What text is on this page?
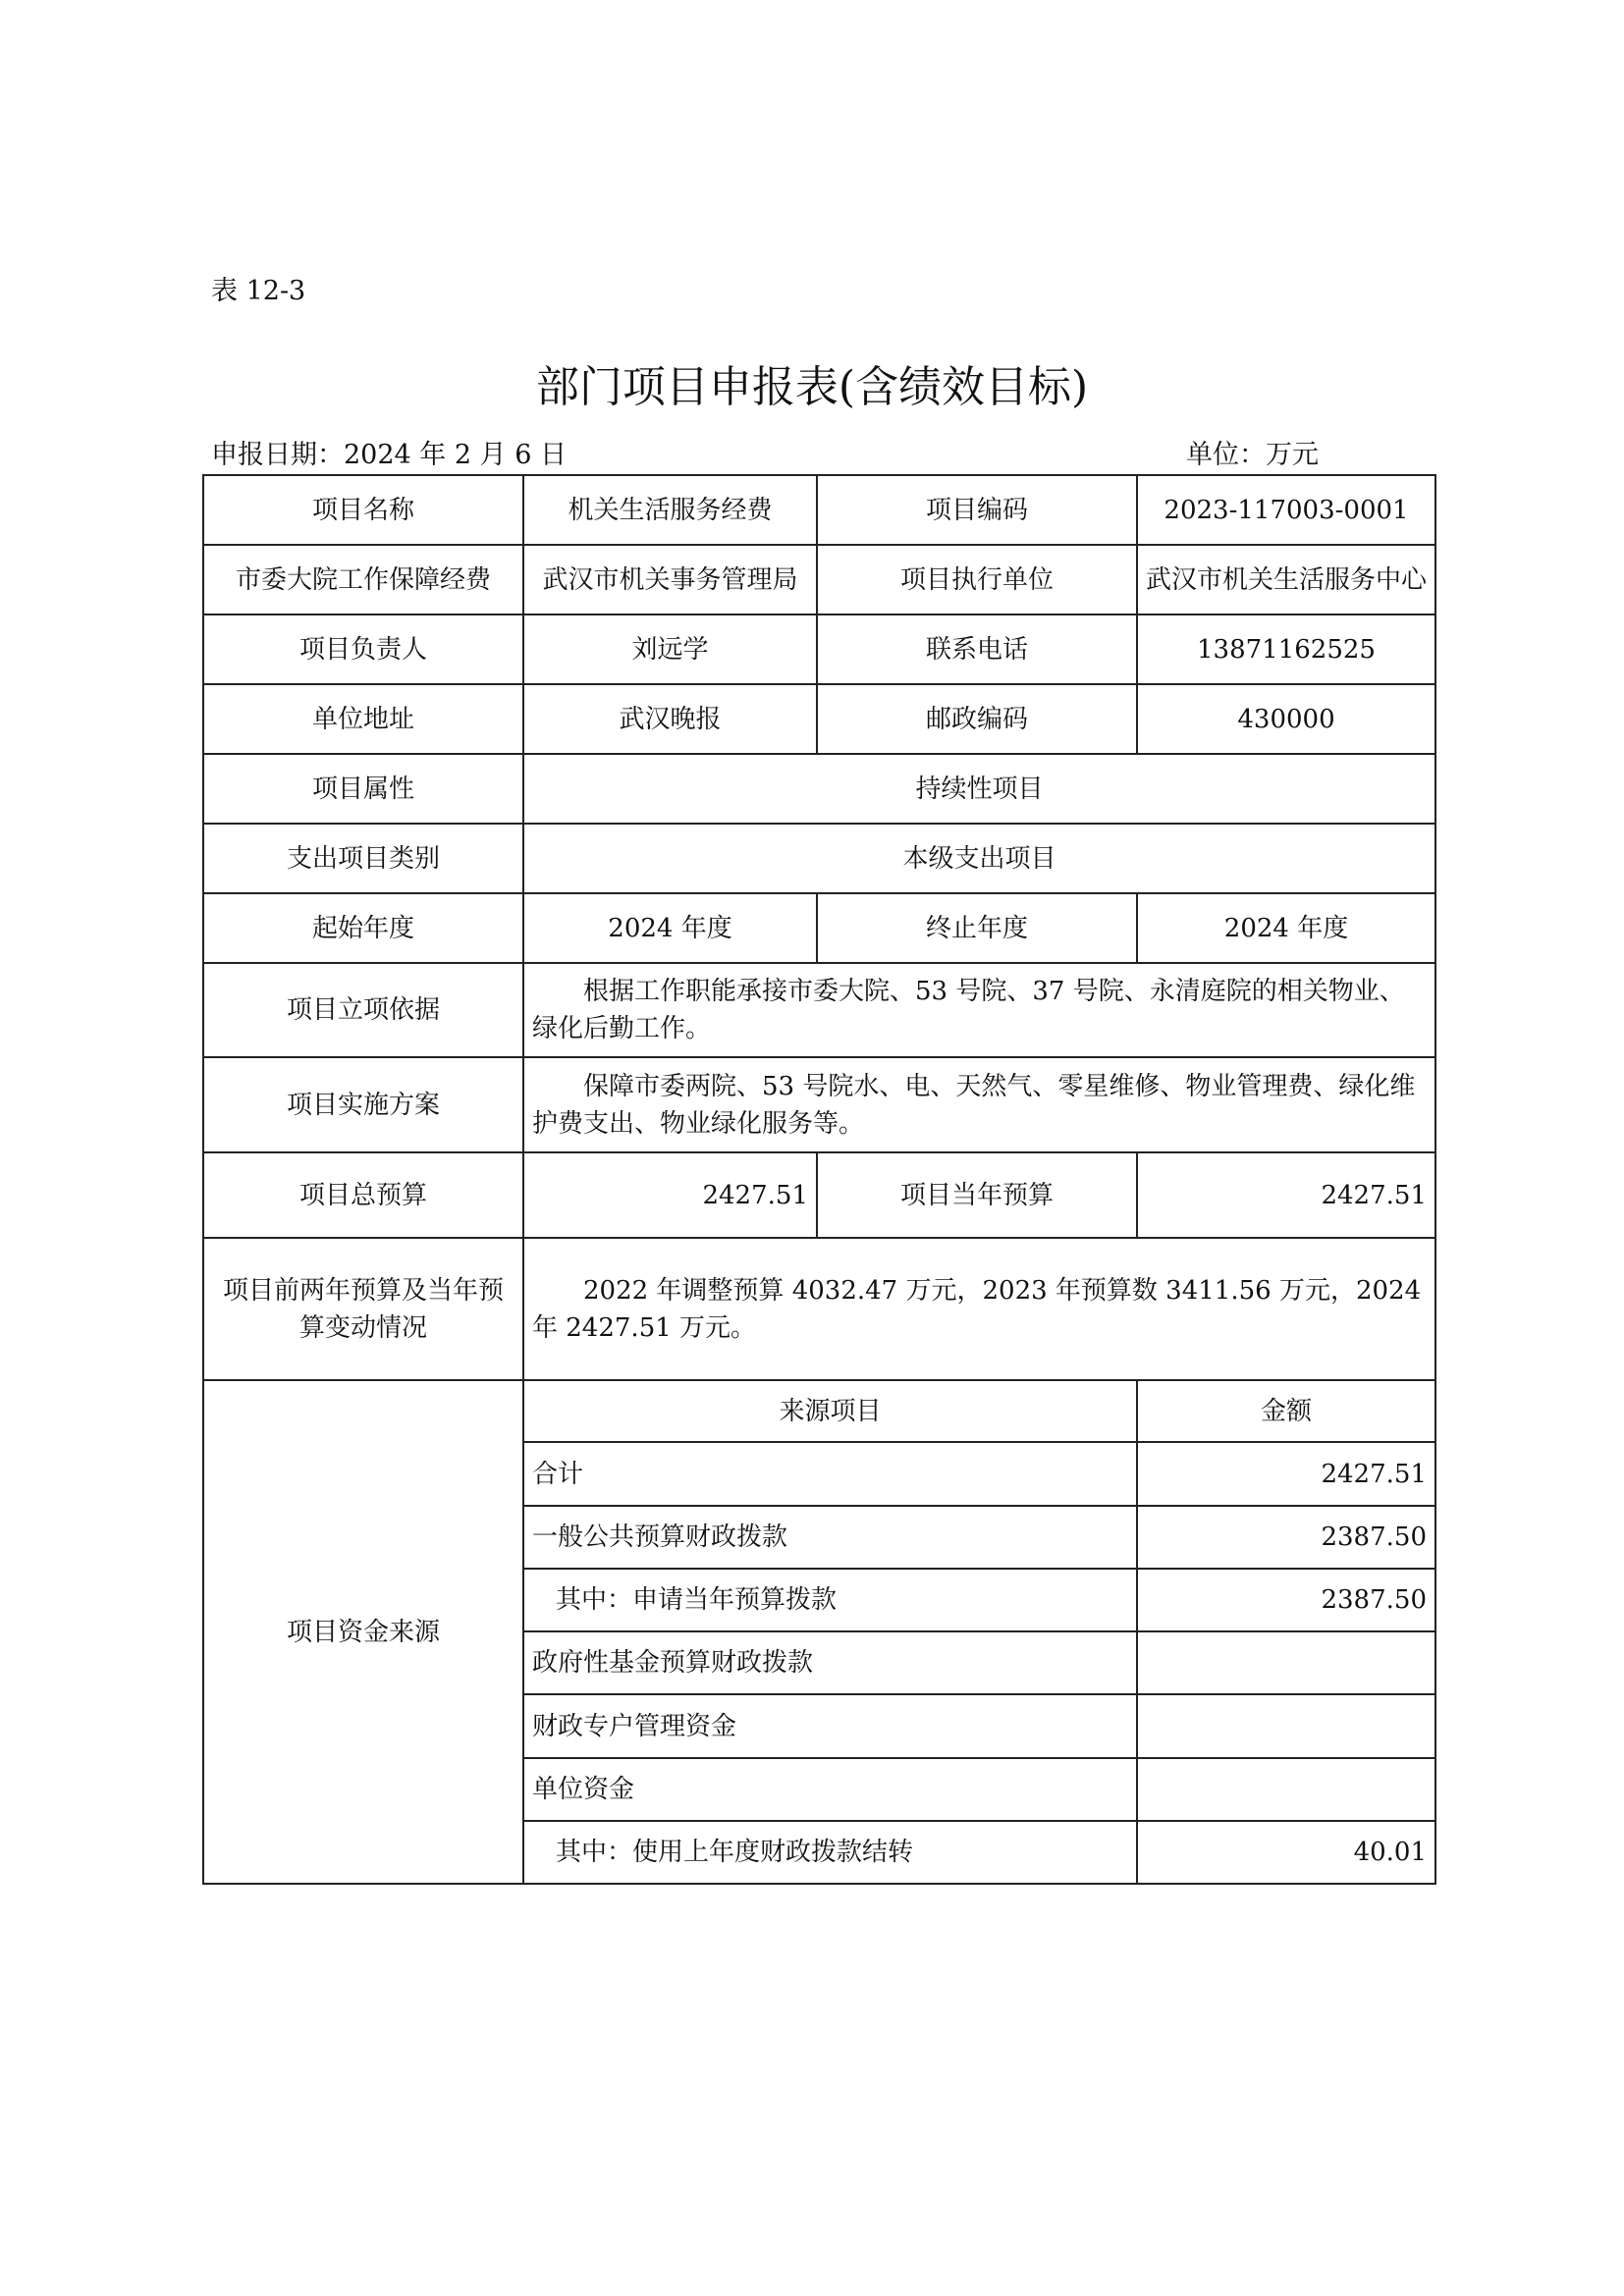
表 12-3
部门项目申报表(含绩效目标)
申报日期：2024 年 2 月 6 日	单位：万元
项目名称	机关生活服务经费	项目编码	2023-117003-0001
市委大院工作保障经费	武汉市机关事务管理局	项目执行单位	武汉市机关生活服务中心
项目负责人	刘远学	联系电话	13871162525
单位地址	武汉晚报	邮政编码	430000
项目属性	持续性项目		
支出项目类别	本级支出项目		
起始年度	2024 年度	终止年度	2024 年度
项目立项依据	根据工作职能承接市委大院、53 号院、37 号院、永清庭院的相关物业、绿化后勤工作。		
项目实施方案	保障市委两院、53 号院水、电、天然气、零星维修、物业管理费、绿化维护费支出、物业绿化服务等。		
项目总预算	2427.51	项目当年预算	2427.51
项目前两年预算及当年预算变动情况	2022 年调整预算 4032.47 万元，2023 年预算数 3411.56 万元，2024 年 2427.51 万元。		
项目资金来源	来源项目		金额
	合计		2427.51
	一般公共预算财政拨款		2387.50
	其中：申请当年预算拨款		2387.50
	政府性基金预算财政拨款		
	财政专户管理资金		
	单位资金		
	其中：使用上年度财政拨款结转		40.01
